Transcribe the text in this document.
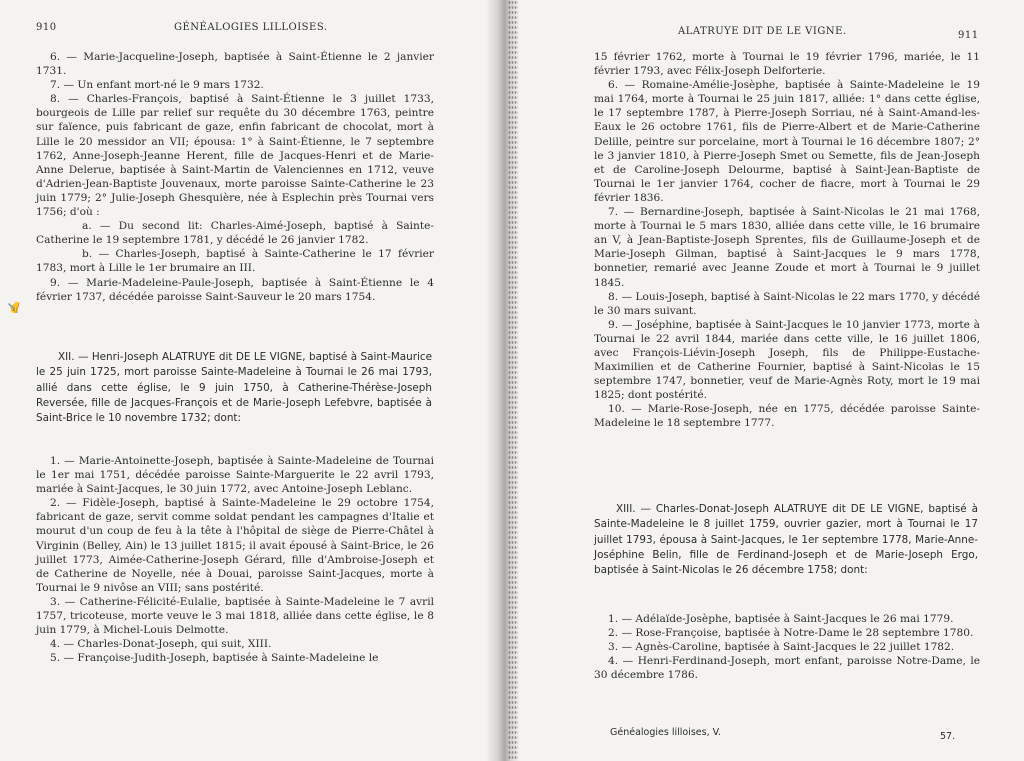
910	GÉNÉALOGIES LILLOISES.

6. — Marie-Jacqueline-Joseph, baptisée à Saint-Étienne le 2 janvier 1731.

7. — Un enfant mort-né le 9 mars 1732.

8. — Charles-François, baptisé à Saint-Étienne le 3 juillet 1733, bourgeois de Lille par relief sur requête du 30 décembre 1763, peintre sur faïence, puis fabricant de gaze, enfin fabricant de chocolat, mort à Lille le 20 messidor an VII; épousa: 1° à Saint-Étienne, le 7 septembre 1762, Anne-Joseph-Jeanne Herent, fille de Jacques-Henri et de Marie-Anne Delerue, baptisée à Saint-Martin de Valenciennes en 1712, veuve d'Adrien-Jean-Baptiste Jouvenaux, morte paroisse Sainte-Catherine le 23 juin 1779; 2° Julie-Joseph Ghesquière, née à Esplechin près Tournai vers 1756; d'où :

a. — Du second lit: Charles-Aimé-Joseph, baptisé à Sainte-Catherine le 19 septembre 1781, y décédé le 26 janvier 1782.

b. — Charles-Joseph, baptisé à Sainte-Catherine le 17 février 1783, mort à Lille le 1er brumaire an III.

9. — Marie-Madeleine-Paule-Joseph, baptisée à Saint-Étienne le 4 février 1737, décédée paroisse Saint-Sauveur le 20 mars 1754.

XII. — Henri-Joseph ALATRUYE dit DE LE VIGNE, baptisé à Saint-Maurice le 25 juin 1725, mort paroisse Sainte-Madeleine à Tournai le 26 mai 1793, allié dans cette église, le 9 juin 1750, à Catherine-Thérèse-Joseph Reversée, fille de Jacques-François et de Marie-Joseph Lefebvre, baptisée à Saint-Brice le 10 novembre 1732; dont:

1. — Marie-Antoinette-Joseph, baptisée à Sainte-Madeleine de Tournai le 1er mai 1751, décédée paroisse Sainte-Marguerite le 22 avril 1793, mariée à Saint-Jacques, le 30 juin 1772, avec Antoine-Joseph Leblanc.

2. — Fidèle-Joseph, baptisé à Sainte-Madeleine le 29 octobre 1754, fabricant de gaze, servit comme soldat pendant les campagnes d'Italie et mourut d'un coup de feu à la tête à l'hôpital de siège de Pierre-Châtel à Virginin (Belley, Ain) le 13 juillet 1815; il avait épousé à Saint-Brice, le 26 juillet 1773, Aimée-Catherine-Joseph Gérard, fille d'Ambroise-Joseph et de Catherine de Noyelle, née à Douai, paroisse Saint-Jacques, morte à Tournai le 9 nivôse an VIII; sans postérité.

3. — Catherine-Félicité-Eulalie, baptisée à Sainte-Madeleine le 7 avril 1757, tricoteuse, morte veuve le 3 mai 1818, alliée dans cette église, le 8 juin 1779, à Michel-Louis Delmotte.

4. — Charles-Donat-Joseph, qui suit, XIII.

5. — Françoise-Judith-Joseph, baptisée à Sainte-Madeleine le

✍
ALATRUYE DIT DE LE VIGNE.	911

15 février 1762, morte à Tournai le 19 février 1796, mariée, le 11 février 1793, avec Félix-Joseph Delforterie.

6. — Romaine-Amélie-Josèphe, baptisée à Sainte-Madeleine le 19 mai 1764, morte à Tournai le 25 juin 1817, alliée: 1° dans cette église, le 17 septembre 1787, à Pierre-Joseph Sorriau, né à Saint-Amand-les-Eaux le 26 octobre 1761, fils de Pierre-Albert et de Marie-Catherine Delille, peintre sur porcelaine, mort à Tournai le 16 décembre 1807; 2° le 3 janvier 1810, à Pierre-Joseph Smet ou Semette, fils de Jean-Joseph et de Caroline-Joseph Delourme, baptisé à Saint-Jean-Baptiste de Tournai le 1er janvier 1764, cocher de fiacre, mort à Tournai le 29 février 1836.

7. — Bernardine-Joseph, baptisée à Saint-Nicolas le 21 mai 1768, morte à Tournai le 5 mars 1830, alliée dans cette ville, le 16 brumaire an V, à Jean-Baptiste-Joseph Sprentes, fils de Guillaume-Joseph et de Marie-Joseph Gilman, baptisé à Saint-Jacques le 9 mars 1778, bonnetier, remarié avec Jeanne Zoude et mort à Tournai le 9 juillet 1845.

8. — Louis-Joseph, baptisé à Saint-Nicolas le 22 mars 1770, y décédé le 30 mars suivant.

9. — Joséphine, baptisée à Saint-Jacques le 10 janvier 1773, morte à Tournai le 22 avril 1844, mariée dans cette ville, le 16 juillet 1806, avec François-Liévin-Joseph Joseph, fils de Philippe-Eustache-Maximilien et de Catherine Fournier, baptisé à Saint-Nicolas le 15 septembre 1747, bonnetier, veuf de Marie-Agnès Roty, mort le 19 mai 1825; dont postérité.

10. — Marie-Rose-Joseph, née en 1775, décédée paroisse Sainte-Madeleine le 18 septembre 1777.

XIII. — Charles-Donat-Joseph ALATRUYE dit DE LE VIGNE, baptisé à Sainte-Madeleine le 8 juillet 1759, ouvrier gazier, mort à Tournai le 17 juillet 1793, épousa à Saint-Jacques, le 1er septembre 1778, Marie-Anne-Joséphine Belin, fille de Ferdinand-Joseph et de Marie-Joseph Ergo, baptisée à Saint-Nicolas le 26 décembre 1758; dont:

1. — Adélaïde-Josèphe, baptisée à Saint-Jacques le 26 mai 1779.

2. — Rose-Françoise, baptisée à Notre-Dame le 28 septembre 1780.

3. — Agnès-Caroline, baptisée à Saint-Jacques le 22 juillet 1782.

4. — Henri-Ferdinand-Joseph, mort enfant, paroisse Notre-Dame, le 30 décembre 1786.

Généalogies lilloises, V.	57.
